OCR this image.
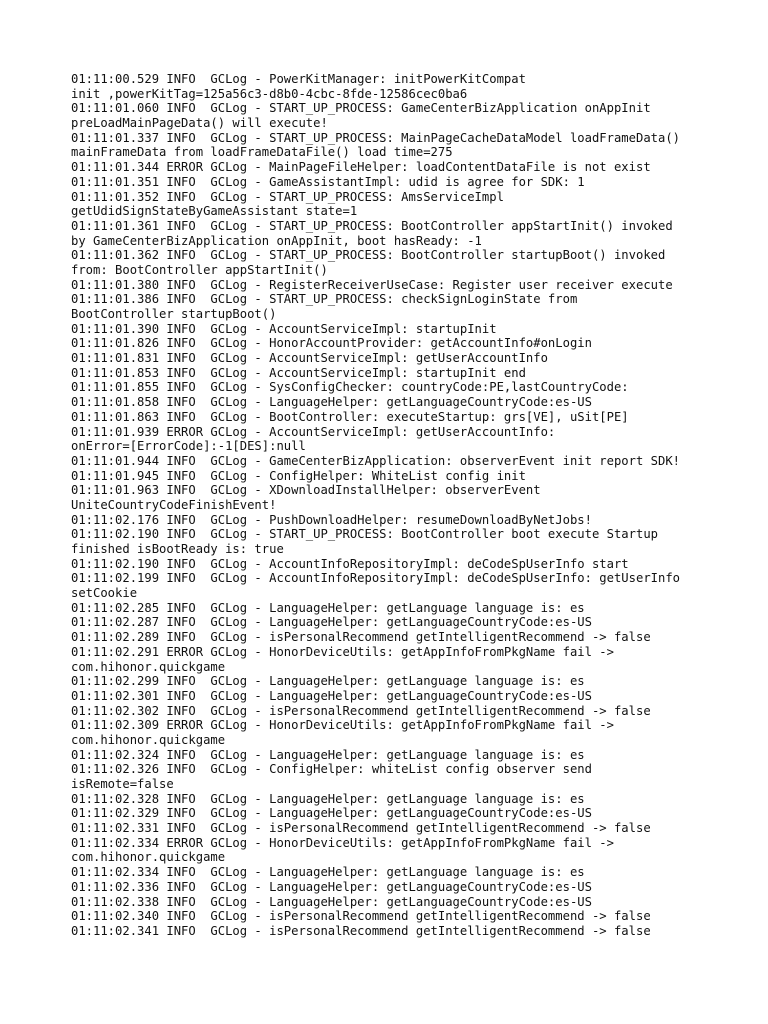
01:11:00.529 INFO  GCLog - PowerKitManager: initPowerKitCompat
init ,powerKitTag=125a56c3-d8b0-4cbc-8fde-12586cec0ba6
01:11:01.060 INFO  GCLog - START_UP_PROCESS: GameCenterBizApplication onAppInit
preLoadMainPageData() will execute!
01:11:01.337 INFO  GCLog - START_UP_PROCESS: MainPageCacheDataModel loadFrameData()
mainFrameData from loadFrameDataFile() load time=275
01:11:01.344 ERROR GCLog - MainPageFileHelper: loadContentDataFile is not exist
01:11:01.351 INFO  GCLog - GameAssistantImpl: udid is agree for SDK: 1
01:11:01.352 INFO  GCLog - START_UP_PROCESS: AmsServiceImpl
getUdidSignStateByGameAssistant state=1
01:11:01.361 INFO  GCLog - START_UP_PROCESS: BootController appStartInit() invoked
by GameCenterBizApplication onAppInit, boot hasReady: -1
01:11:01.362 INFO  GCLog - START_UP_PROCESS: BootController startupBoot() invoked
from: BootController appStartInit()
01:11:01.380 INFO  GCLog - RegisterReceiverUseCase: Register user receiver execute
01:11:01.386 INFO  GCLog - START_UP_PROCESS: checkSignLoginState from
BootController startupBoot()
01:11:01.390 INFO  GCLog - AccountServiceImpl: startupInit
01:11:01.826 INFO  GCLog - HonorAccountProvider: getAccountInfo#onLogin
01:11:01.831 INFO  GCLog - AccountServiceImpl: getUserAccountInfo
01:11:01.853 INFO  GCLog - AccountServiceImpl: startupInit end
01:11:01.855 INFO  GCLog - SysConfigChecker: countryCode:PE,lastCountryCode:
01:11:01.858 INFO  GCLog - LanguageHelper: getLanguageCountryCode:es-US
01:11:01.863 INFO  GCLog - BootController: executeStartup: grs[VE], uSit[PE]
01:11:01.939 ERROR GCLog - AccountServiceImpl: getUserAccountInfo:
onError=[ErrorCode]:-1[DES]:null
01:11:01.944 INFO  GCLog - GameCenterBizApplication: observerEvent init report SDK!
01:11:01.945 INFO  GCLog - ConfigHelper: WhiteList config init
01:11:01.963 INFO  GCLog - XDownloadInstallHelper: observerEvent
UniteCountryCodeFinishEvent!
01:11:02.176 INFO  GCLog - PushDownloadHelper: resumeDownloadByNetJobs!
01:11:02.190 INFO  GCLog - START_UP_PROCESS: BootController boot execute Startup
finished isBootReady is: true
01:11:02.190 INFO  GCLog - AccountInfoRepositoryImpl: deCodeSpUserInfo start
01:11:02.199 INFO  GCLog - AccountInfoRepositoryImpl: deCodeSpUserInfo: getUserInfo
setCookie
01:11:02.285 INFO  GCLog - LanguageHelper: getLanguage language is: es
01:11:02.287 INFO  GCLog - LanguageHelper: getLanguageCountryCode:es-US
01:11:02.289 INFO  GCLog - isPersonalRecommend getIntelligentRecommend -> false
01:11:02.291 ERROR GCLog - HonorDeviceUtils: getAppInfoFromPkgName fail ->
com.hihonor.quickgame
01:11:02.299 INFO  GCLog - LanguageHelper: getLanguage language is: es
01:11:02.301 INFO  GCLog - LanguageHelper: getLanguageCountryCode:es-US
01:11:02.302 INFO  GCLog - isPersonalRecommend getIntelligentRecommend -> false
01:11:02.309 ERROR GCLog - HonorDeviceUtils: getAppInfoFromPkgName fail ->
com.hihonor.quickgame
01:11:02.324 INFO  GCLog - LanguageHelper: getLanguage language is: es
01:11:02.326 INFO  GCLog - ConfigHelper: whiteList config observer send
isRemote=false
01:11:02.328 INFO  GCLog - LanguageHelper: getLanguage language is: es
01:11:02.329 INFO  GCLog - LanguageHelper: getLanguageCountryCode:es-US
01:11:02.331 INFO  GCLog - isPersonalRecommend getIntelligentRecommend -> false
01:11:02.334 ERROR GCLog - HonorDeviceUtils: getAppInfoFromPkgName fail ->
com.hihonor.quickgame
01:11:02.334 INFO  GCLog - LanguageHelper: getLanguage language is: es
01:11:02.336 INFO  GCLog - LanguageHelper: getLanguageCountryCode:es-US
01:11:02.338 INFO  GCLog - LanguageHelper: getLanguageCountryCode:es-US
01:11:02.340 INFO  GCLog - isPersonalRecommend getIntelligentRecommend -> false
01:11:02.341 INFO  GCLog - isPersonalRecommend getIntelligentRecommend -> false
